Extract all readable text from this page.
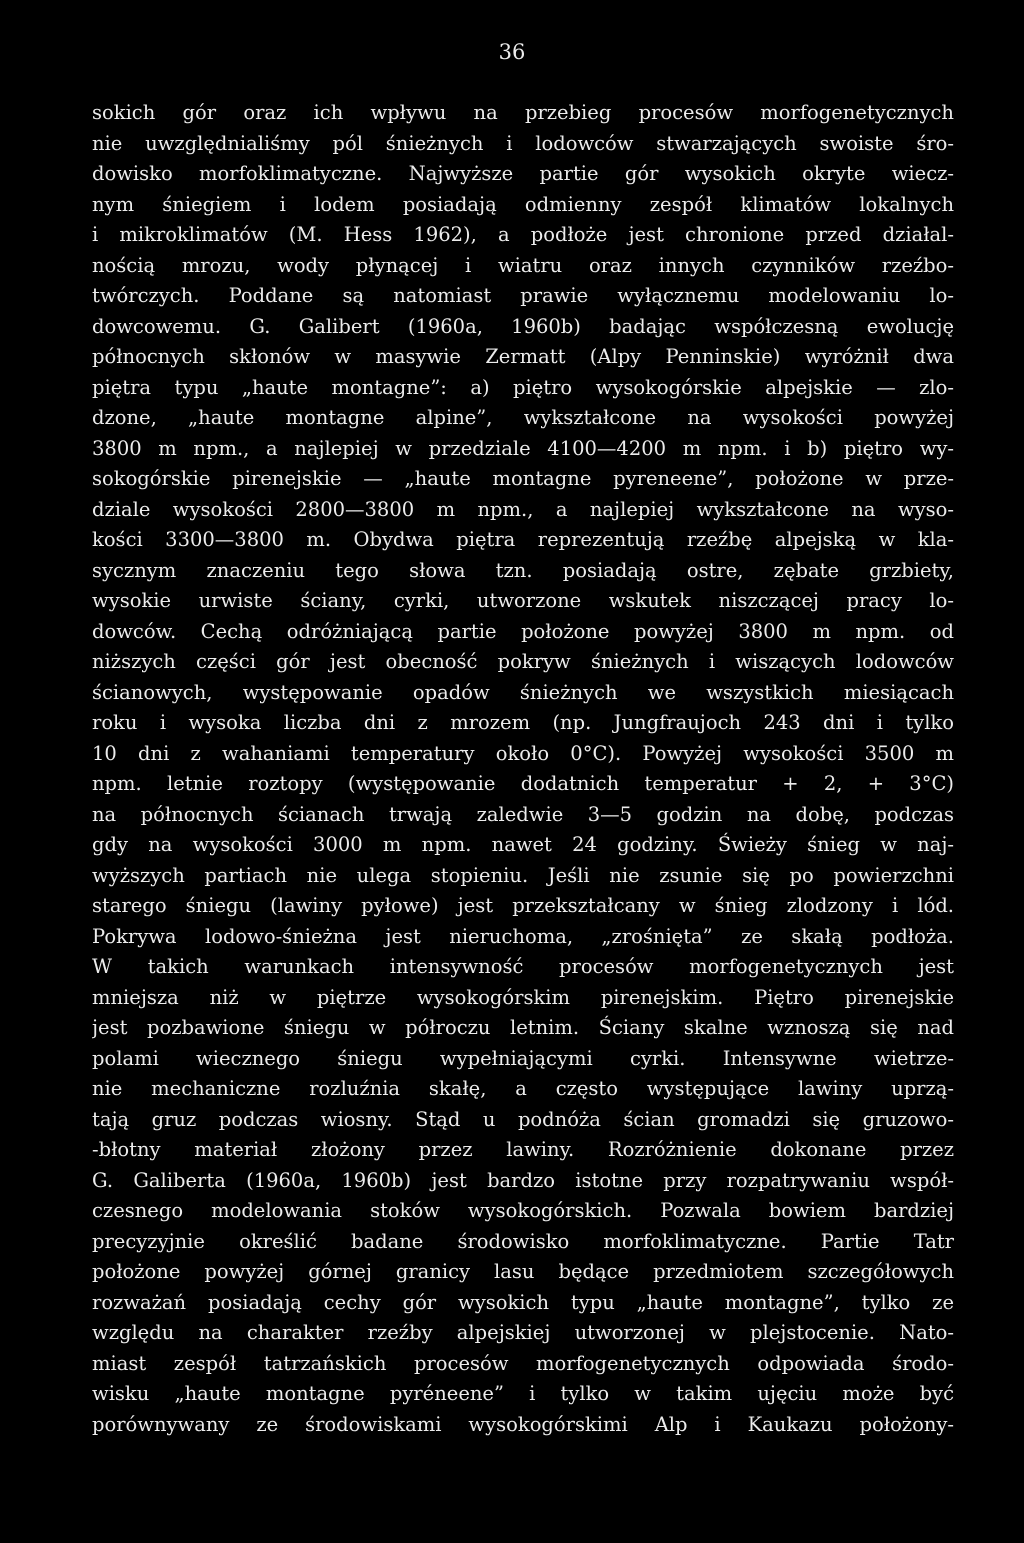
36

sokich gór oraz ich wpływu na przebieg procesów morfogenetycznych
nie uwzględnialiśmy pól śnieżnych i lodowców stwarzających swoiste śro-
dowisko morfoklimatyczne. Najwyższe partie gór wysokich okryte wiecz-
nym śniegiem i lodem posiadają odmienny zespół klimatów lokalnych
i mikroklimatów (M. Hess 1962), a podłoże jest chronione przed działal-
nością mrozu, wody płynącej i wiatru oraz innych czynników rzeźbo-
twórczych. Poddane są natomiast prawie wyłącznemu modelowaniu lo-
dowcowemu. G. Galibert (1960a, 1960b) badając współczesną ewolucję
północnych skłonów w masywie Zermatt (Alpy Penninskie) wyróżnił dwa
piętra typu „haute montagne”: a) piętro wysokogórskie alpejskie — zlo-
dzone, „haute montagne alpine”, wykształcone na wysokości powyżej
3800 m npm., a najlepiej w przedziale 4100—4200 m npm. i b) piętro wy-
sokogórskie pirenejskie — „haute montagne pyreneene”, położone w prze-
dziale wysokości 2800—3800 m npm., a najlepiej wykształcone na wyso-
kości 3300—3800 m. Obydwa piętra reprezentują rzeźbę alpejską w kla-
sycznym znaczeniu tego słowa tzn. posiadają ostre, zębate grzbiety,
wysokie urwiste ściany, cyrki, utworzone wskutek niszczącej pracy lo-
dowców. Cechą odróżniającą partie położone powyżej 3800 m npm. od
niższych części gór jest obecność pokryw śnieżnych i wiszących lodowców
ścianowych, występowanie opadów śnieżnych we wszystkich miesiącach
roku i wysoka liczba dni z mrozem (np. Jungfraujoch 243 dni i tylko
10 dni z wahaniami temperatury około 0°C). Powyżej wysokości 3500 m
npm. letnie roztopy (występowanie dodatnich temperatur + 2, + 3°C)
na północnych ścianach trwają zaledwie 3—5 godzin na dobę, podczas
gdy na wysokości 3000 m npm. nawet 24 godziny. Świeży śnieg w naj-
wyższych partiach nie ulega stopieniu. Jeśli nie zsunie się po powierzchni
starego śniegu (lawiny pyłowe) jest przekształcany w śnieg zlodzony i lód.
Pokrywa lodowo-śnieżna jest nieruchoma, „zrośnięta” ze skałą podłoża.
W takich warunkach intensywność procesów morfogenetycznych jest
mniejsza niż w piętrze wysokogórskim pirenejskim. Piętro pirenejskie
jest pozbawione śniegu w półroczu letnim. Ściany skalne wznoszą się nad
polami wiecznego śniegu wypełniającymi cyrki. Intensywne wietrze-
nie mechaniczne rozluźnia skałę, a często występujące lawiny uprzą-
tają gruz podczas wiosny. Stąd u podnóża ścian gromadzi się gruzowo-
-błotny materiał złożony przez lawiny. Rozróżnienie dokonane przez
G. Galiberta (1960a, 1960b) jest bardzo istotne przy rozpatrywaniu współ-
czesnego modelowania stoków wysokogórskich. Pozwala bowiem bardziej
precyzyjnie określić badane środowisko morfoklimatyczne. Partie Tatr
położone powyżej górnej granicy lasu będące przedmiotem szczegółowych
rozważań posiadają cechy gór wysokich typu „haute montagne”, tylko ze
względu na charakter rzeźby alpejskiej utworzonej w plejstocenie. Nato-
miast zespół tatrzańskich procesów morfogenetycznych odpowiada środo-
wisku „haute montagne pyréneene” i tylko w takim ujęciu może być
porównywany ze środowiskami wysokogórskimi Alp i Kaukazu położony-
